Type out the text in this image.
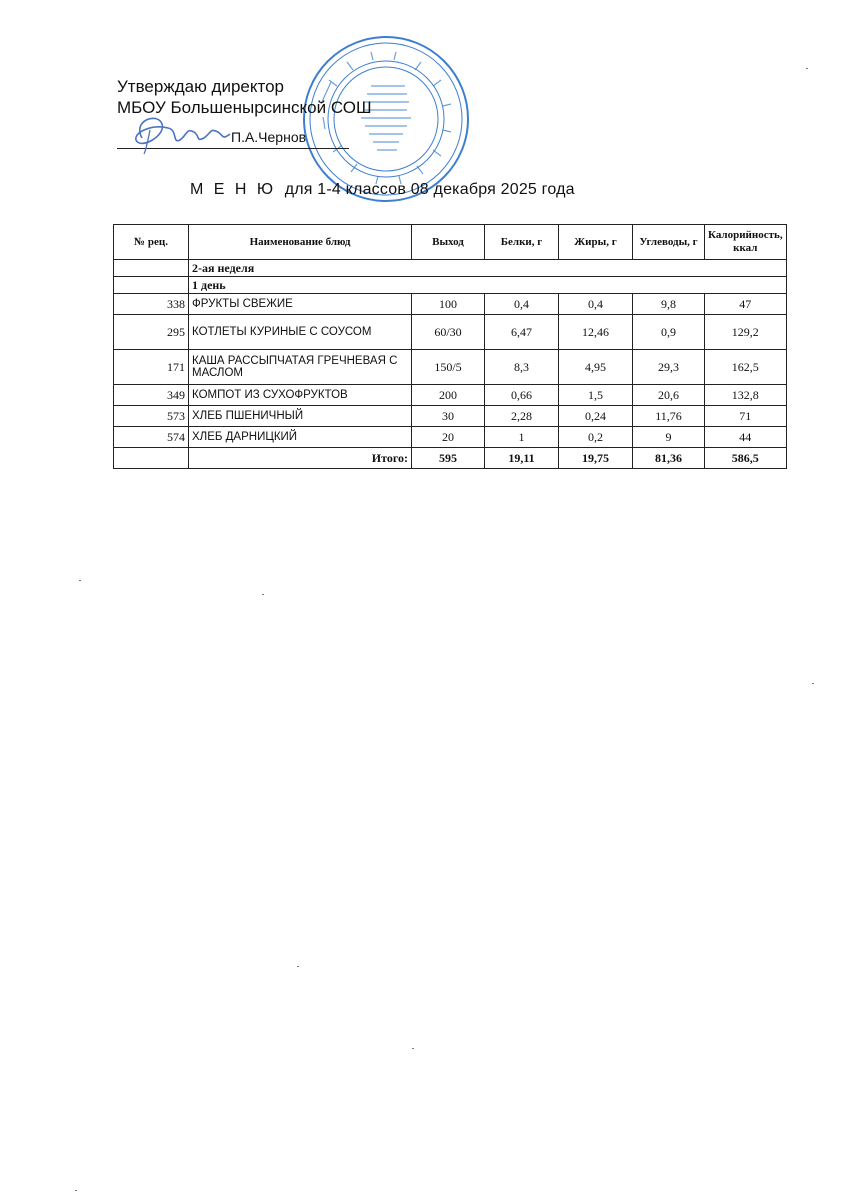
Утверждаю директор
МБОУ Большенырсинской СОШ
П.А.Чернов
М Е Н Ю для 1-4 классов 08 декабря 2025 года
№ рец.	Наименование блюд	Выход	Белки, г	Жиры, г	Углеводы, г	Калорийность, ккал
	2-ая неделя					
	1 день					
338	ФРУКТЫ СВЕЖИЕ	100	0,4	0,4	9,8	47
295	КОТЛЕТЫ КУРИНЫЕ С СОУСОМ	60/30	6,47	12,46	0,9	129,2
171	КАША РАССЫПЧАТАЯ ГРЕЧНЕВАЯ С МАСЛОМ	150/5	8,3	4,95	29,3	162,5
349	КОМПОТ ИЗ СУХОФРУКТОВ	200	0,66	1,5	20,6	132,8
573	ХЛЕБ ПШЕНИЧНЫЙ	30	2,28	0,24	11,76	71
574	ХЛЕБ ДАРНИЦКИЙ	20	1	0,2	9	44
	Итого:	595	19,11	19,75	81,36	586,5
